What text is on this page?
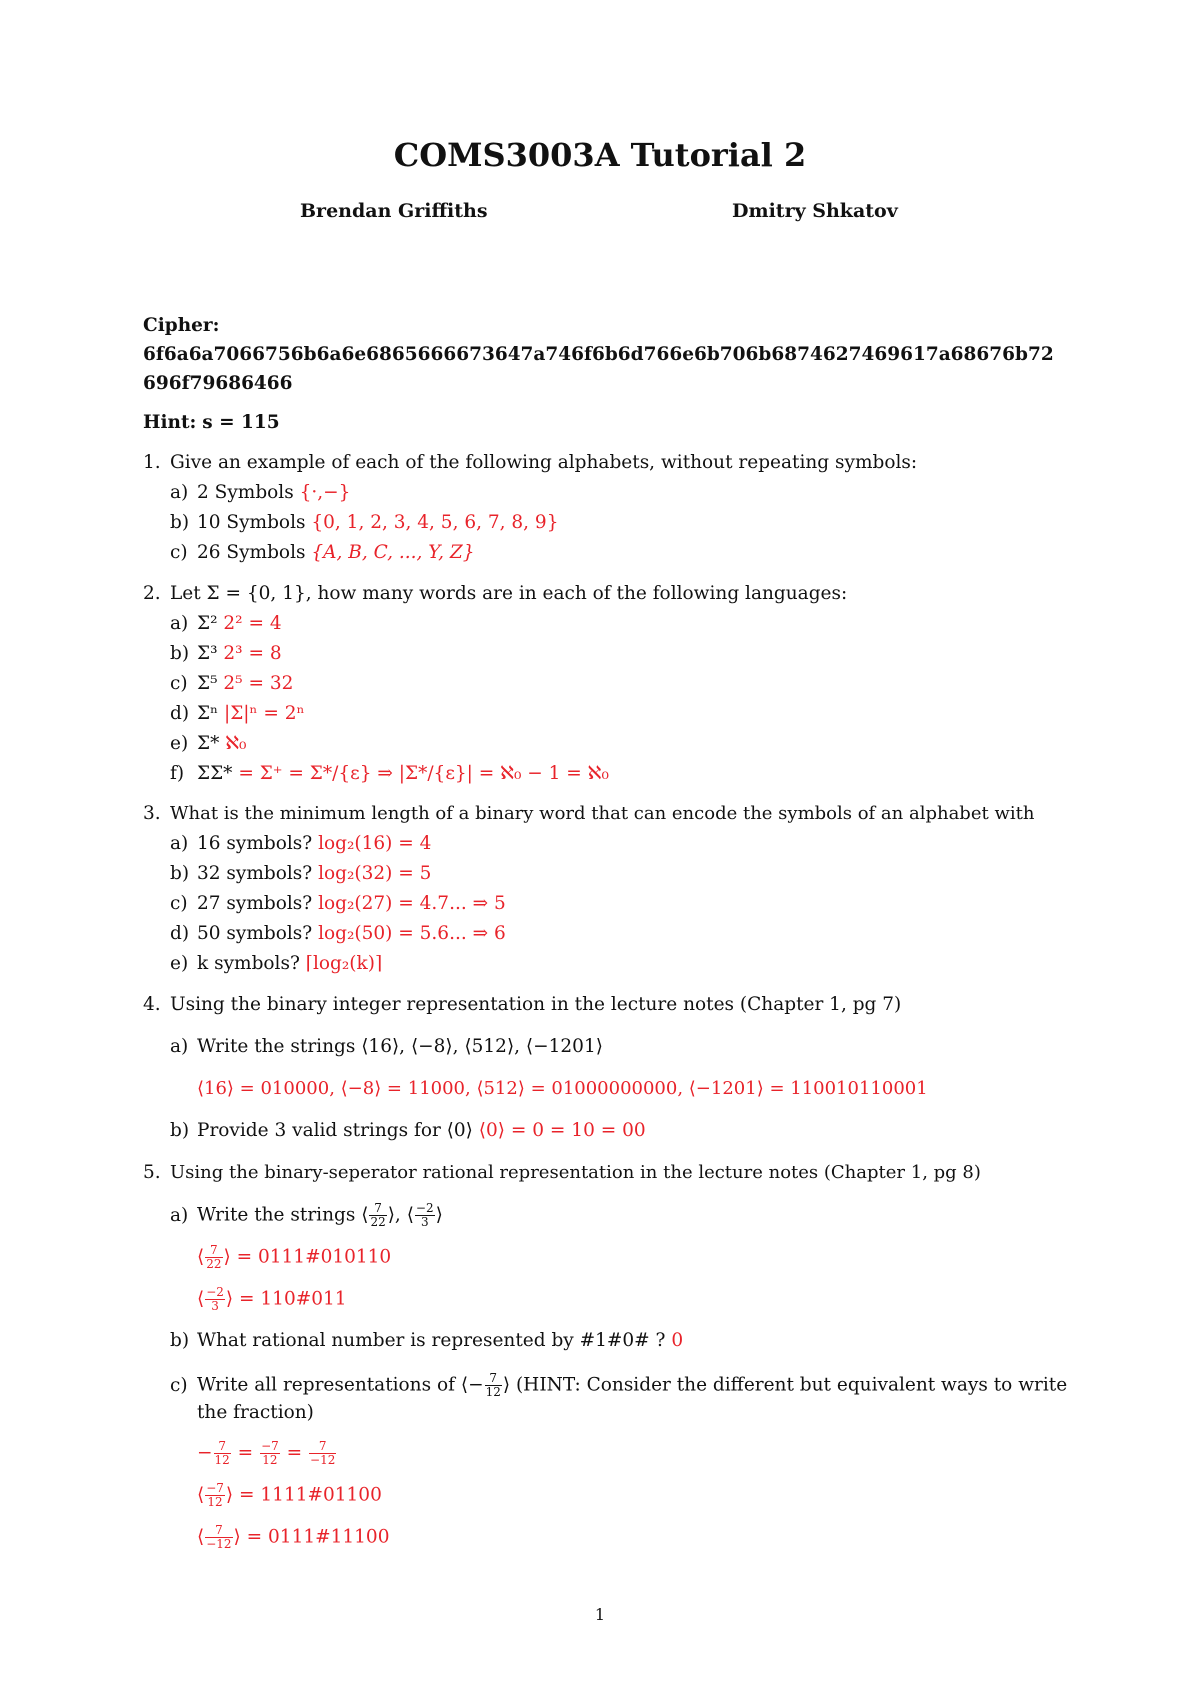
COMS3003A Tutorial 2
Brendan Griffiths	Dmitry Shkatov
Cipher:
6f6a6a7066756b6a6e6865666673647a746f6b6d766e6b706b6874627469617a68676b72696f79686466
Hint: s = 115
1. Give an example of each of the following alphabets, without repeating symbols:
a) 2 Symbols {·,−}
b) 10 Symbols {0, 1, 2, 3, 4, 5, 6, 7, 8, 9}
c) 26 Symbols {A, B, C, ..., Y, Z}
2. Let Σ = {0, 1}, how many words are in each of the following languages:
a) Σ² 2² = 4
b) Σ³ 2³ = 8
c) Σ⁵ 2⁵ = 32
d) Σⁿ |Σ|ⁿ = 2ⁿ
e) Σ* ℵ₀
f) ΣΣ* = Σ⁺ = Σ*/{ε} ⇒ |Σ*/{ε}| = ℵ₀ − 1 = ℵ₀
3. What is the minimum length of a binary word that can encode the symbols of an alphabet with
a) 16 symbols? log₂(16) = 4
b) 32 symbols? log₂(32) = 5
c) 27 symbols? log₂(27) = 4.7... ⇒ 5
d) 50 symbols? log₂(50) = 5.6... ⇒ 6
e) k symbols? ⌈log₂(k)⌉
4. Using the binary integer representation in the lecture notes (Chapter 1, pg 7)
a) Write the strings ⟨16⟩, ⟨−8⟩, ⟨512⟩, ⟨−1201⟩
⟨16⟩ = 010000, ⟨−8⟩ = 11000, ⟨512⟩ = 01000000000, ⟨−1201⟩ = 110010110001
b) Provide 3 valid strings for ⟨0⟩ ⟨0⟩ = 0 = 10 = 00
5. Using the binary-seperator rational representation in the lecture notes (Chapter 1, pg 8)
a) Write the strings ⟨ $\frac{7}{22}$ ⟩, ⟨ $\frac{-2}{3}$ ⟩
⟨ $\frac{7}{22}$ ⟩ = 0111#010110
⟨ $\frac{-2}{3}$ ⟩ = 110#011
b) What rational number is represented by #1#0# ? 0
c) Write all representations of ⟨− $\frac{7}{12}$ ⟩ (HINT: Consider the different but equivalent ways to write
the fraction)
− $\frac{7}{12} = \frac{-7}{12} = \frac{7}{-12}$
⟨ $\frac{-7}{12}$ ⟩ = 1111#01100
⟨ $\frac{7}{-12}$ ⟩ = 0111#11100
1
